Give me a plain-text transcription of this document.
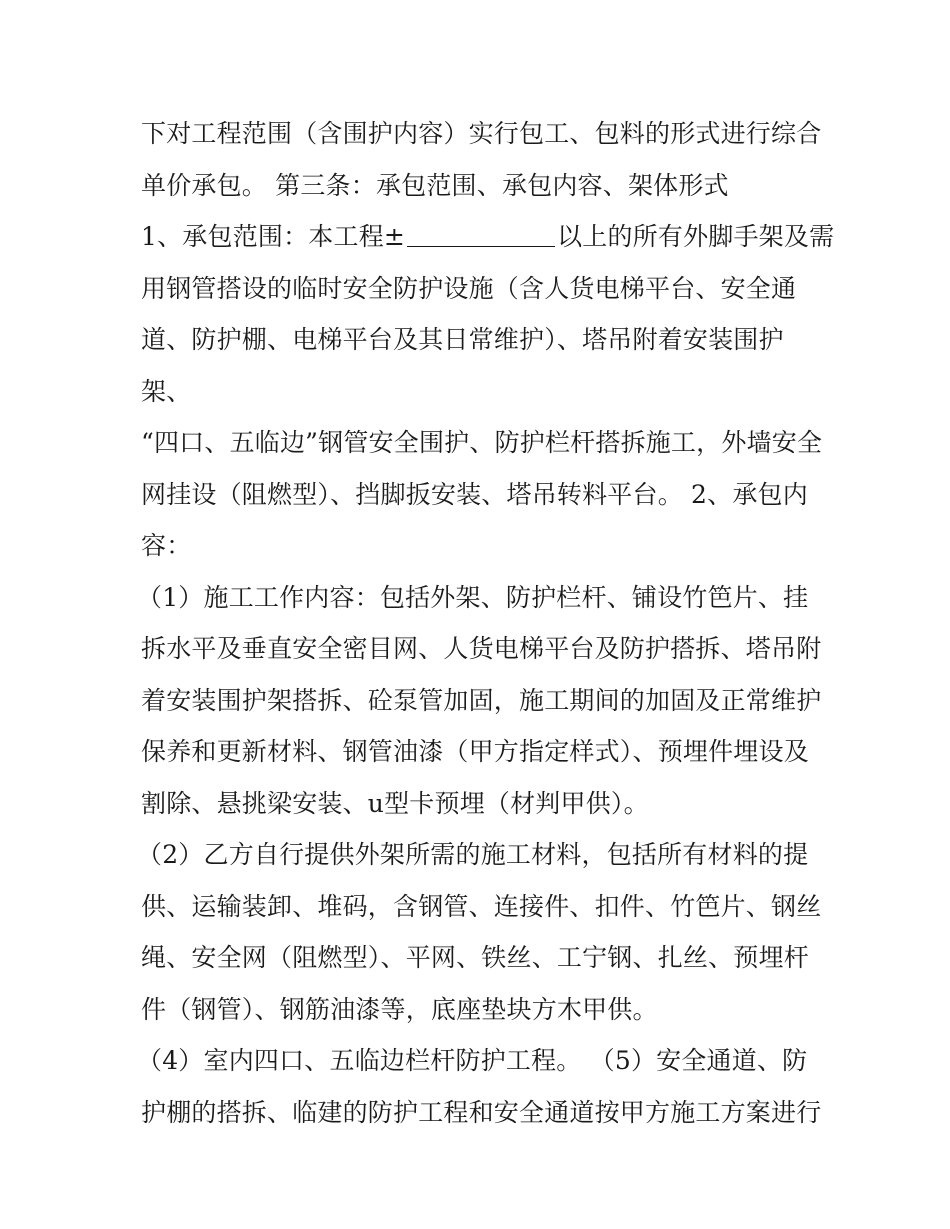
下对工程范围（含围护内容）实行包工、包料的形式进行综合
单价承包。 第三条：承包范围、承包内容、架体形式
1、承包范围：本工程±	以上的所有外脚手架及需
用钢管搭设的临时安全防护设施（含人货电梯平台、安全通
道、防护棚、电梯平台及其日常维护）、塔吊附着安装围护
架、
“四口、五临边”钢管安全围护、防护栏杆搭拆施工，外墙安全
网挂设（阻燃型）、挡脚扳安装、塔吊转料平台。 2、承包内
容：
（1）施工工作内容：包括外架、防护栏杆、铺设竹笆片、挂
拆水平及垂直安全密目网、人货电梯平台及防护搭拆、塔吊附
着安装围护架搭拆、砼泵管加固，施工期间的加固及正常维护
保养和更新材料、钢管油漆（甲方指定样式）、预埋件埋设及
割除、悬挑梁安装、u型卡预埋（材判甲供）。
（2）乙方自行提供外架所需的施工材料，包括所有材料的提
供、运输装卸、堆码，含钢管、连接件、扣件、竹笆片、钢丝
绳、安全网（阻燃型）、平网、铁丝、工宁钢、扎丝、预埋杆
件（钢管）、钢筋油漆等，底座垫块方木甲供。
（4）室内四口、五临边栏杆防护工程。 （5）安全通道、防
护棚的搭拆、临建的防护工程和安全通道按甲方施工方案进行
